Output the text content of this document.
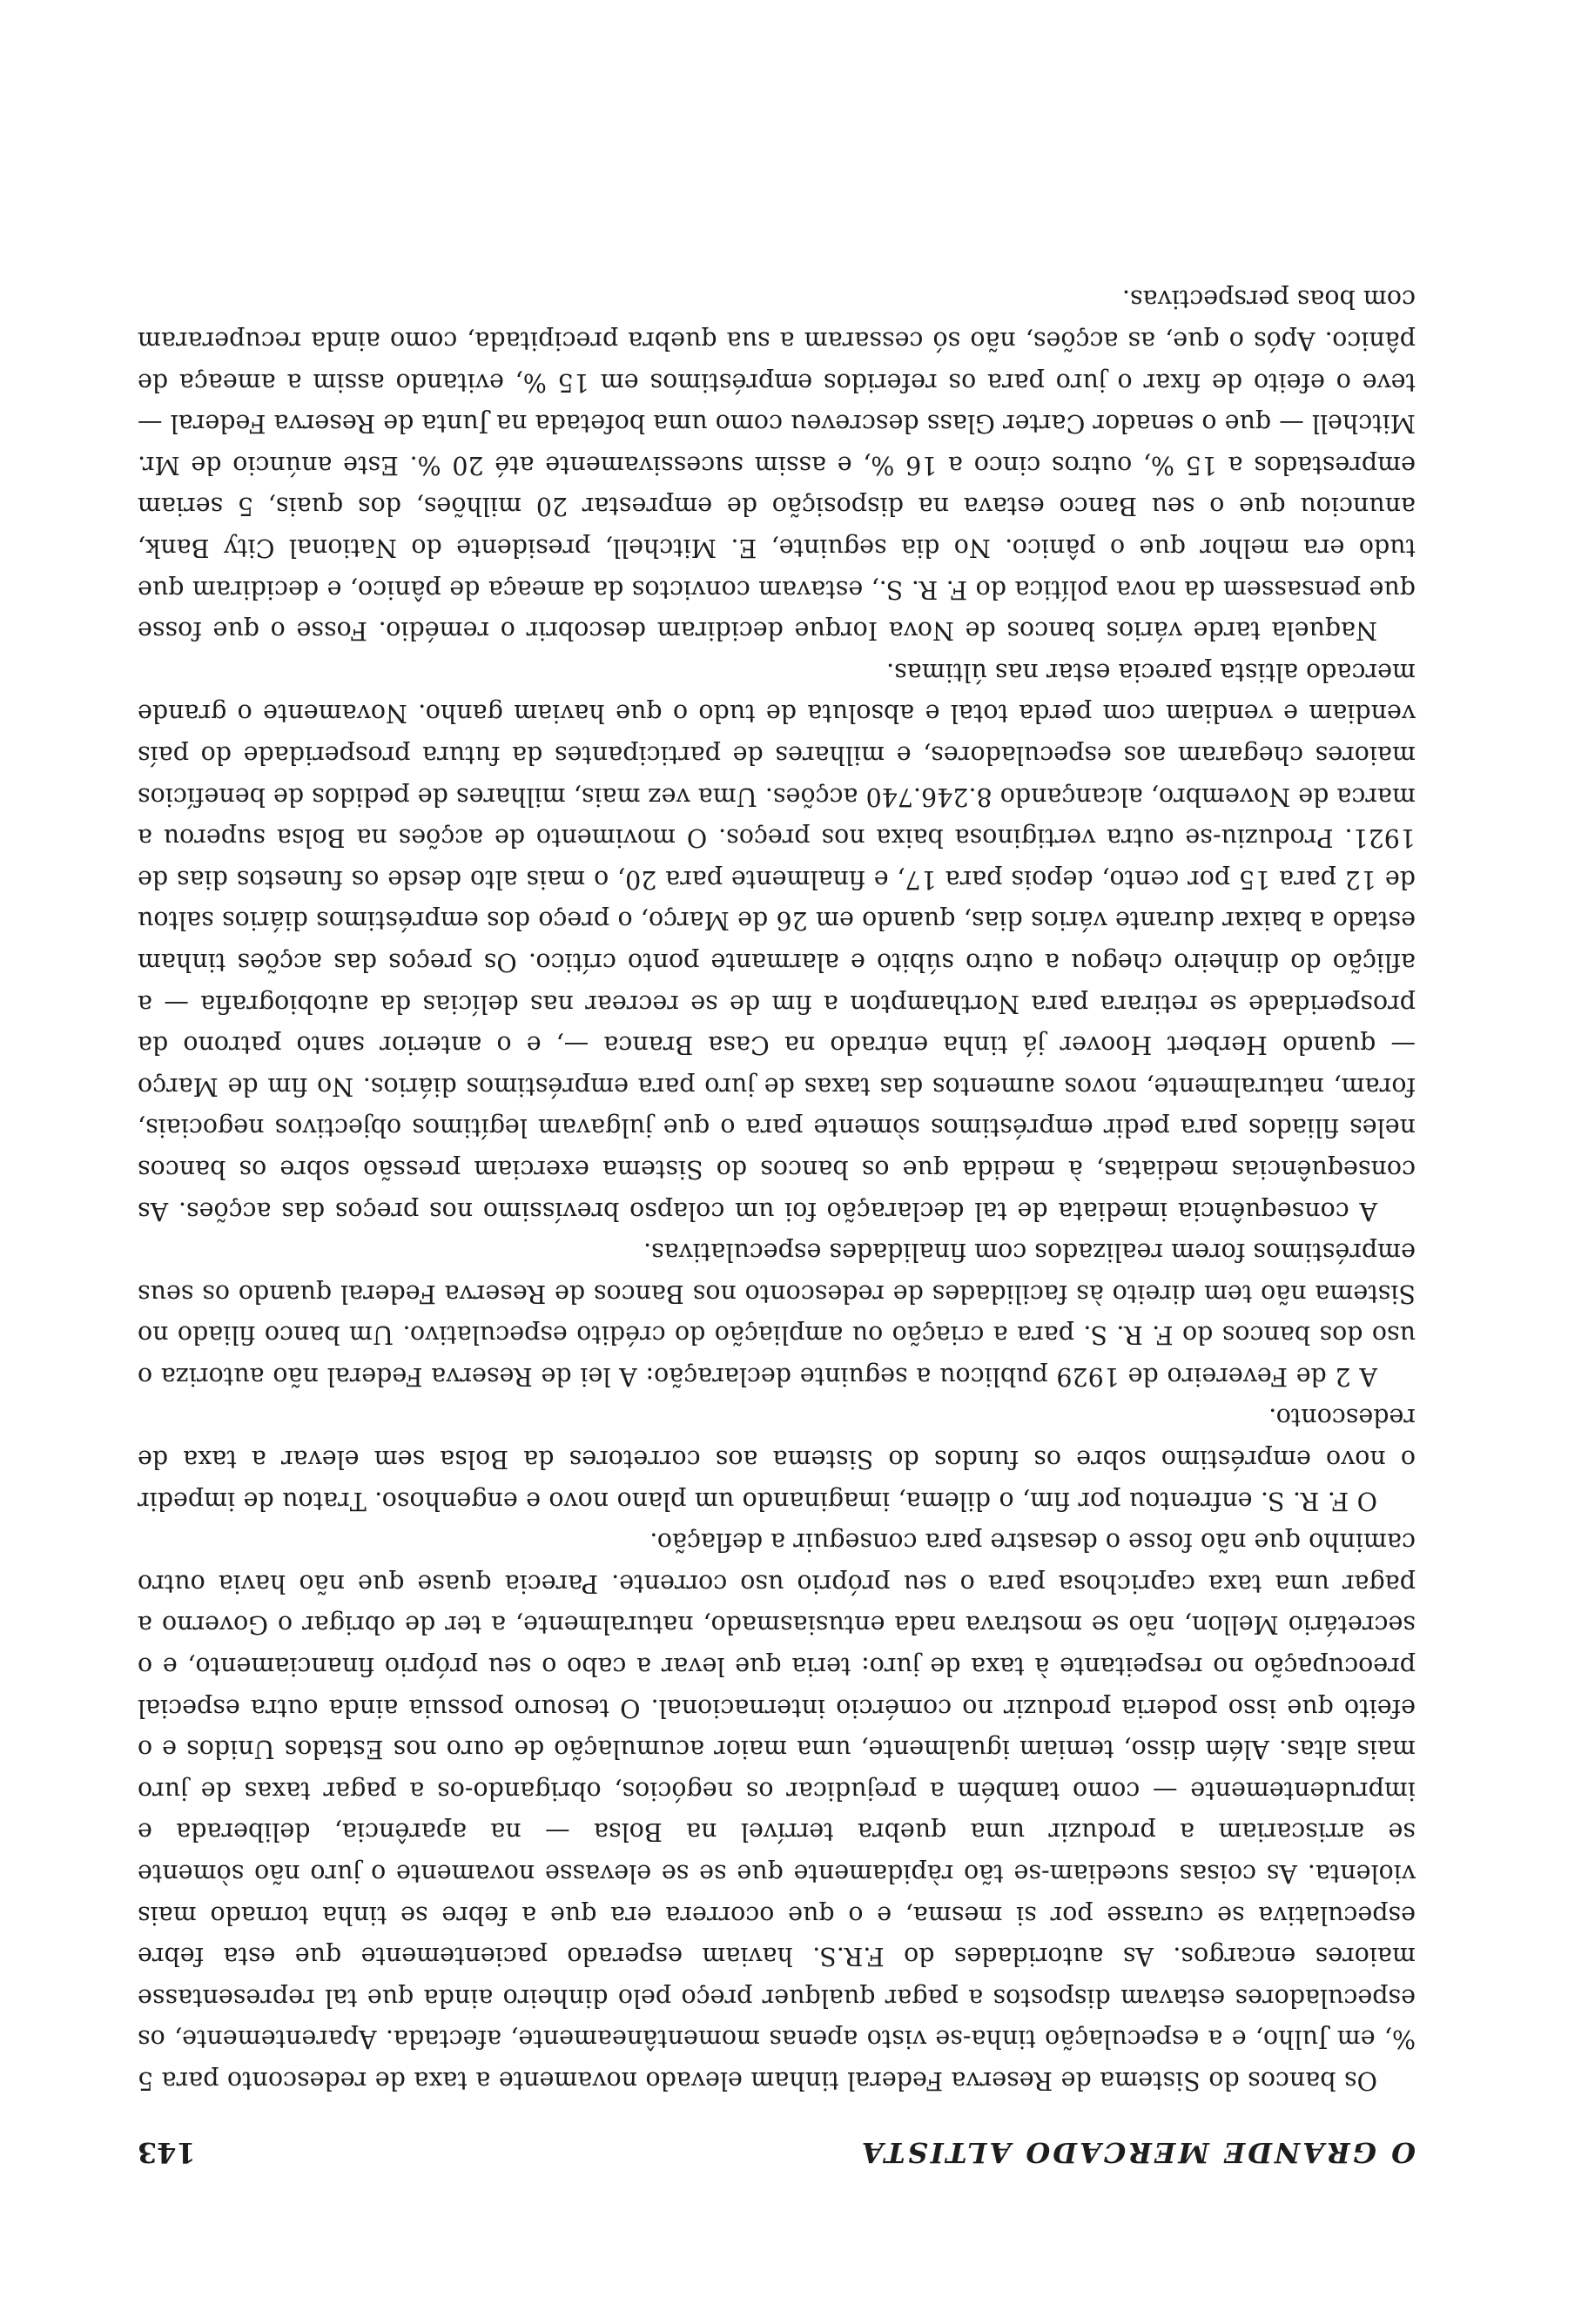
O GRANDE MERCADO ALTISTA
143

Os bancos do Sistema de Reserva Federal tinham elevado novamente a taxa de redesconto para 5 %, em Julho, e a especulação tinha-se visto apenas momentâneamente, afectada. Aparentemente, os especuladores estavam dispostos a pagar qualquer preço pelo dinheiro ainda que tal representasse maiores encargos. As autoridades do F.R.S. haviam esperado pacientemente que esta febre especulativa se curasse por si mesma, e o que ocorrera era que a febre se tinha tornado mais violenta. As coisas sucediam-se tão ràpidamente que se se elevasse novamente o juro não sòmente se arriscariam a produzir uma quebra terrível na Bolsa — na aparência, deliberada e imprudentemente — como também a prejudicar os negócios, obrigando-os a pagar taxas de juro mais altas. Além disso, temiam igualmente, uma maior acumulação de ouro nos Estados Unidos e o efeito que isso poderia produzir no comércio internacional. O tesouro possuia ainda outra especial preocupação no respeitante à taxa de juro: teria que levar a cabo o seu próprio financiamento, e o secretário Mellon, não se mostrava nada entusiasmado, naturalmente, a ter de obrigar o Governo a pagar uma taxa caprichosa para o seu próprio uso corrente. Parecia quase que não havia outro caminho que não fosse o desastre para conseguir a deflação.

O F. R. S. enfrentou por fim, o dilema, imaginando um plano novo e engenhoso. Tratou de impedir o novo empréstimo sobre os fundos do Sistema aos corretores da Bolsa sem elevar a taxa de redesconto.

A 2 de Fevereiro de 1929 publicou a seguinte declaração: A lei de Reserva Federal não autoriza o uso dos bancos do F. R. S. para a criação ou ampliação do crédito especulativo. Um banco filiado no Sistema não tem direito às facilidades de redesconto nos Bancos de Reserva Federal quando os seus empréstimos forem realizados com finalidades especulativas.

A consequência imediata de tal declaração foi um colapso brevíssimo nos preços das acções. As consequências mediatas, à medida que os bancos do Sistema exerciam pressão sobre os bancos neles filiados para pedir empréstimos sòmente para o que julgavam legítimos objectivos negociais, foram, naturalmente, novos aumentos das taxas de juro para empréstimos diários. No fim de Março — quando Herbert Hoover já tinha entrado na Casa Branca —, e o anterior santo patrono da prosperidade se retirara para Northampton a fim de se recrear nas delícias da autobiografia — a aflição do dinheiro chegou a outro súbito e alarmante ponto crítico. Os preços das acções tinham estado a baixar durante vários dias, quando em 26 de Março, o preço dos empréstimos diários saltou de 12 para 15 por cento, depois para 17, e finalmente para 20, o mais alto desde os funestos dias de 1921. Produziu-se outra vertiginosa baixa nos preços. O movimento de acções na Bolsa superou a marca de Novembro, alcançando 8.246.740 acções. Uma vez mais, milhares de pedidos de benefícios maiores chegaram aos especuladores, e milhares de participantes da futura prosperidade do país vendiam e vendiam com perda total e absoluta de tudo o que haviam ganho. Novamente o grande mercado altista parecia estar nas últimas.

Naquela tarde vários bancos de Nova Iorque decidiram descobrir o remédio. Fosse o que fosse que pensassem da nova política do F. R. S., estavam convictos da ameaça de pânico, e decidiram que tudo era melhor que o pânico. No dia seguinte, E. Mitchell, presidente do National City Bank, anunciou que o seu Banco estava na disposição de emprestar 20 milhões, dos quais, 5 seriam emprestados a 15 %, outros cinco a 16 %, e assim sucessivamente até 20 %. Este anúncio de Mr. Mitchell — que o senador Carter Glass descreveu como uma bofetada na Junta de Reserva Federal — teve o efeito de fixar o juro para os referidos empréstimos em 15 %, evitando assim a ameaça de pânico. Após o que, as acções, não só cessaram a sua quebra precipitada, como ainda recuperaram com boas perspectivas.
